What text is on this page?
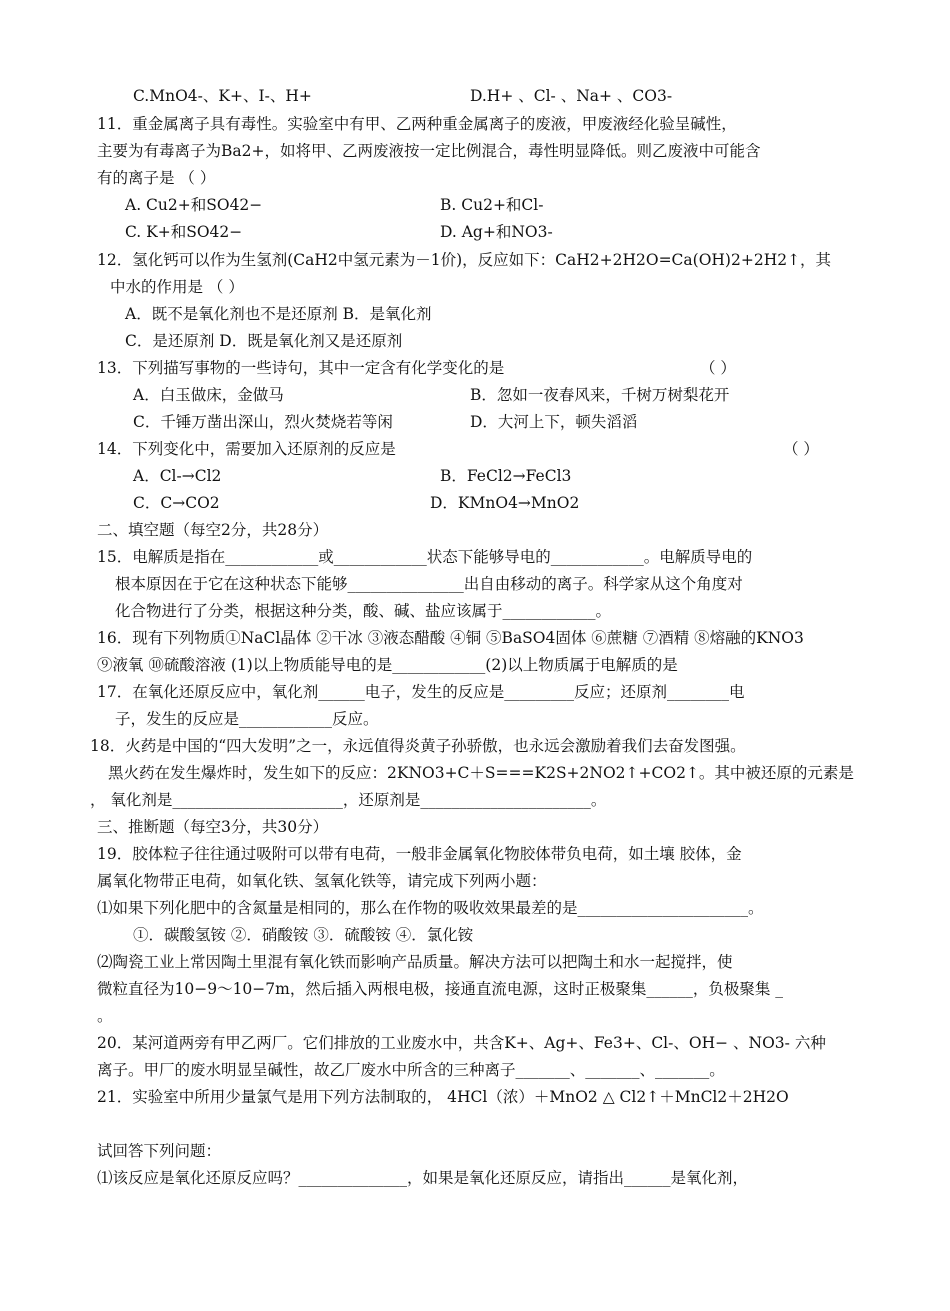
C.MnO4-、K+、I-、H+	D.H+ 、Cl- 、Na+ 、CO3-
11．重金属离子具有毒性。实验室中有甲、乙两种重金属离子的废液，甲废液经化验呈碱性，
主要为有毒离子为Ba2+，如将甲、乙两废液按一定比例混合，毒性明显降低。则乙废液中可能含
有的离子是 （ ）
A. Cu2+和SO42−	B. Cu2+和Cl-
C. K+和SO42−	D. Ag+和NO3-
12．氢化钙可以作为生氢剂(CaH2中氢元素为－1价)，反应如下：CaH2+2H2O=Ca(OH)2+2H2↑，其
中水的作用是 （ ）
A．既不是氧化剂也不是还原剂 B．是氧化剂
C．是还原剂 D．既是氧化剂又是还原剂
13．下列描写事物的一些诗句，其中一定含有化学变化的是	（ ）
A．白玉做床，金做马	B．忽如一夜春风来，千树万树梨花开
C．千锤万凿出深山，烈火焚烧若等闲	D．大河上下，顿失滔滔
14．下列变化中，需要加入还原剂的反应是	（ ）
A．Cl-→Cl2	B．FeCl2→FeCl3
C．C→CO2	D．KMnO4→MnO2
二、填空题（每空2分，共28分）
15．电解质是指在____________或____________状态下能够导电的____________。电解质导电的
根本原因在于它在这种状态下能够_______________出自由移动的离子。科学家从这个角度对
化合物进行了分类，根据这种分类，酸、碱、盐应该属于____________。
16．现有下列物质①NaCl晶体 ②干冰 ③液态醋酸 ④铜 ⑤BaSO4固体 ⑥蔗糖 ⑦酒精 ⑧熔融的KNO3
⑨液氧 ⑩硫酸溶液 (1)以上物质能导电的是____________(2)以上物质属于电解质的是
17．在氧化还原反应中，氧化剂______电子，发生的反应是_________反应；还原剂________电
子，发生的反应是____________反应。
18．火药是中国的“四大发明”之一，永远值得炎黄子孙骄傲，也永远会激励着我们去奋发图强。
黑火药在发生爆炸时，发生如下的反应：2KNO3+C＋S===K2S+2NO2↑+CO2↑。其中被还原的元素是
， 氧化剂是______________________，还原剂是______________________。
三、推断题（每空3分，共30分）
19．胶体粒子往往通过吸附可以带有电荷，一般非金属氧化物胶体带负电荷，如土壤 胶体，金
属氧化物带正电荷，如氧化铁、氢氧化铁等，请完成下列两小题：
⑴如果下列化肥中的含氮量是相同的，那么在作物的吸收效果最差的是______________________。
①．碳酸氢铵 ②．硝酸铵 ③．硫酸铵 ④．氯化铵
⑵陶瓷工业上常因陶土里混有氧化铁而影响产品质量。解决方法可以把陶土和水一起搅拌，使
微粒直径为10−9～10−7m，然后插入两根电极，接通直流电源，这时正极聚集______，负极聚集 _
。
20．某河道两旁有甲乙两厂。它们排放的工业废水中，共含K+、Ag+、Fe3+、Cl-、OH− 、NO3- 六种
离子。甲厂的废水明显呈碱性，故乙厂废水中所含的三种离子_______、_______、_______。
21．实验室中所用少量氯气是用下列方法制取的， 4HCl（浓）＋MnO2 △ Cl2↑＋MnCl2＋2H2O
试回答下列问题：
⑴该反应是氧化还原反应吗？______________，如果是氧化还原反应，请指出______是氧化剂，
